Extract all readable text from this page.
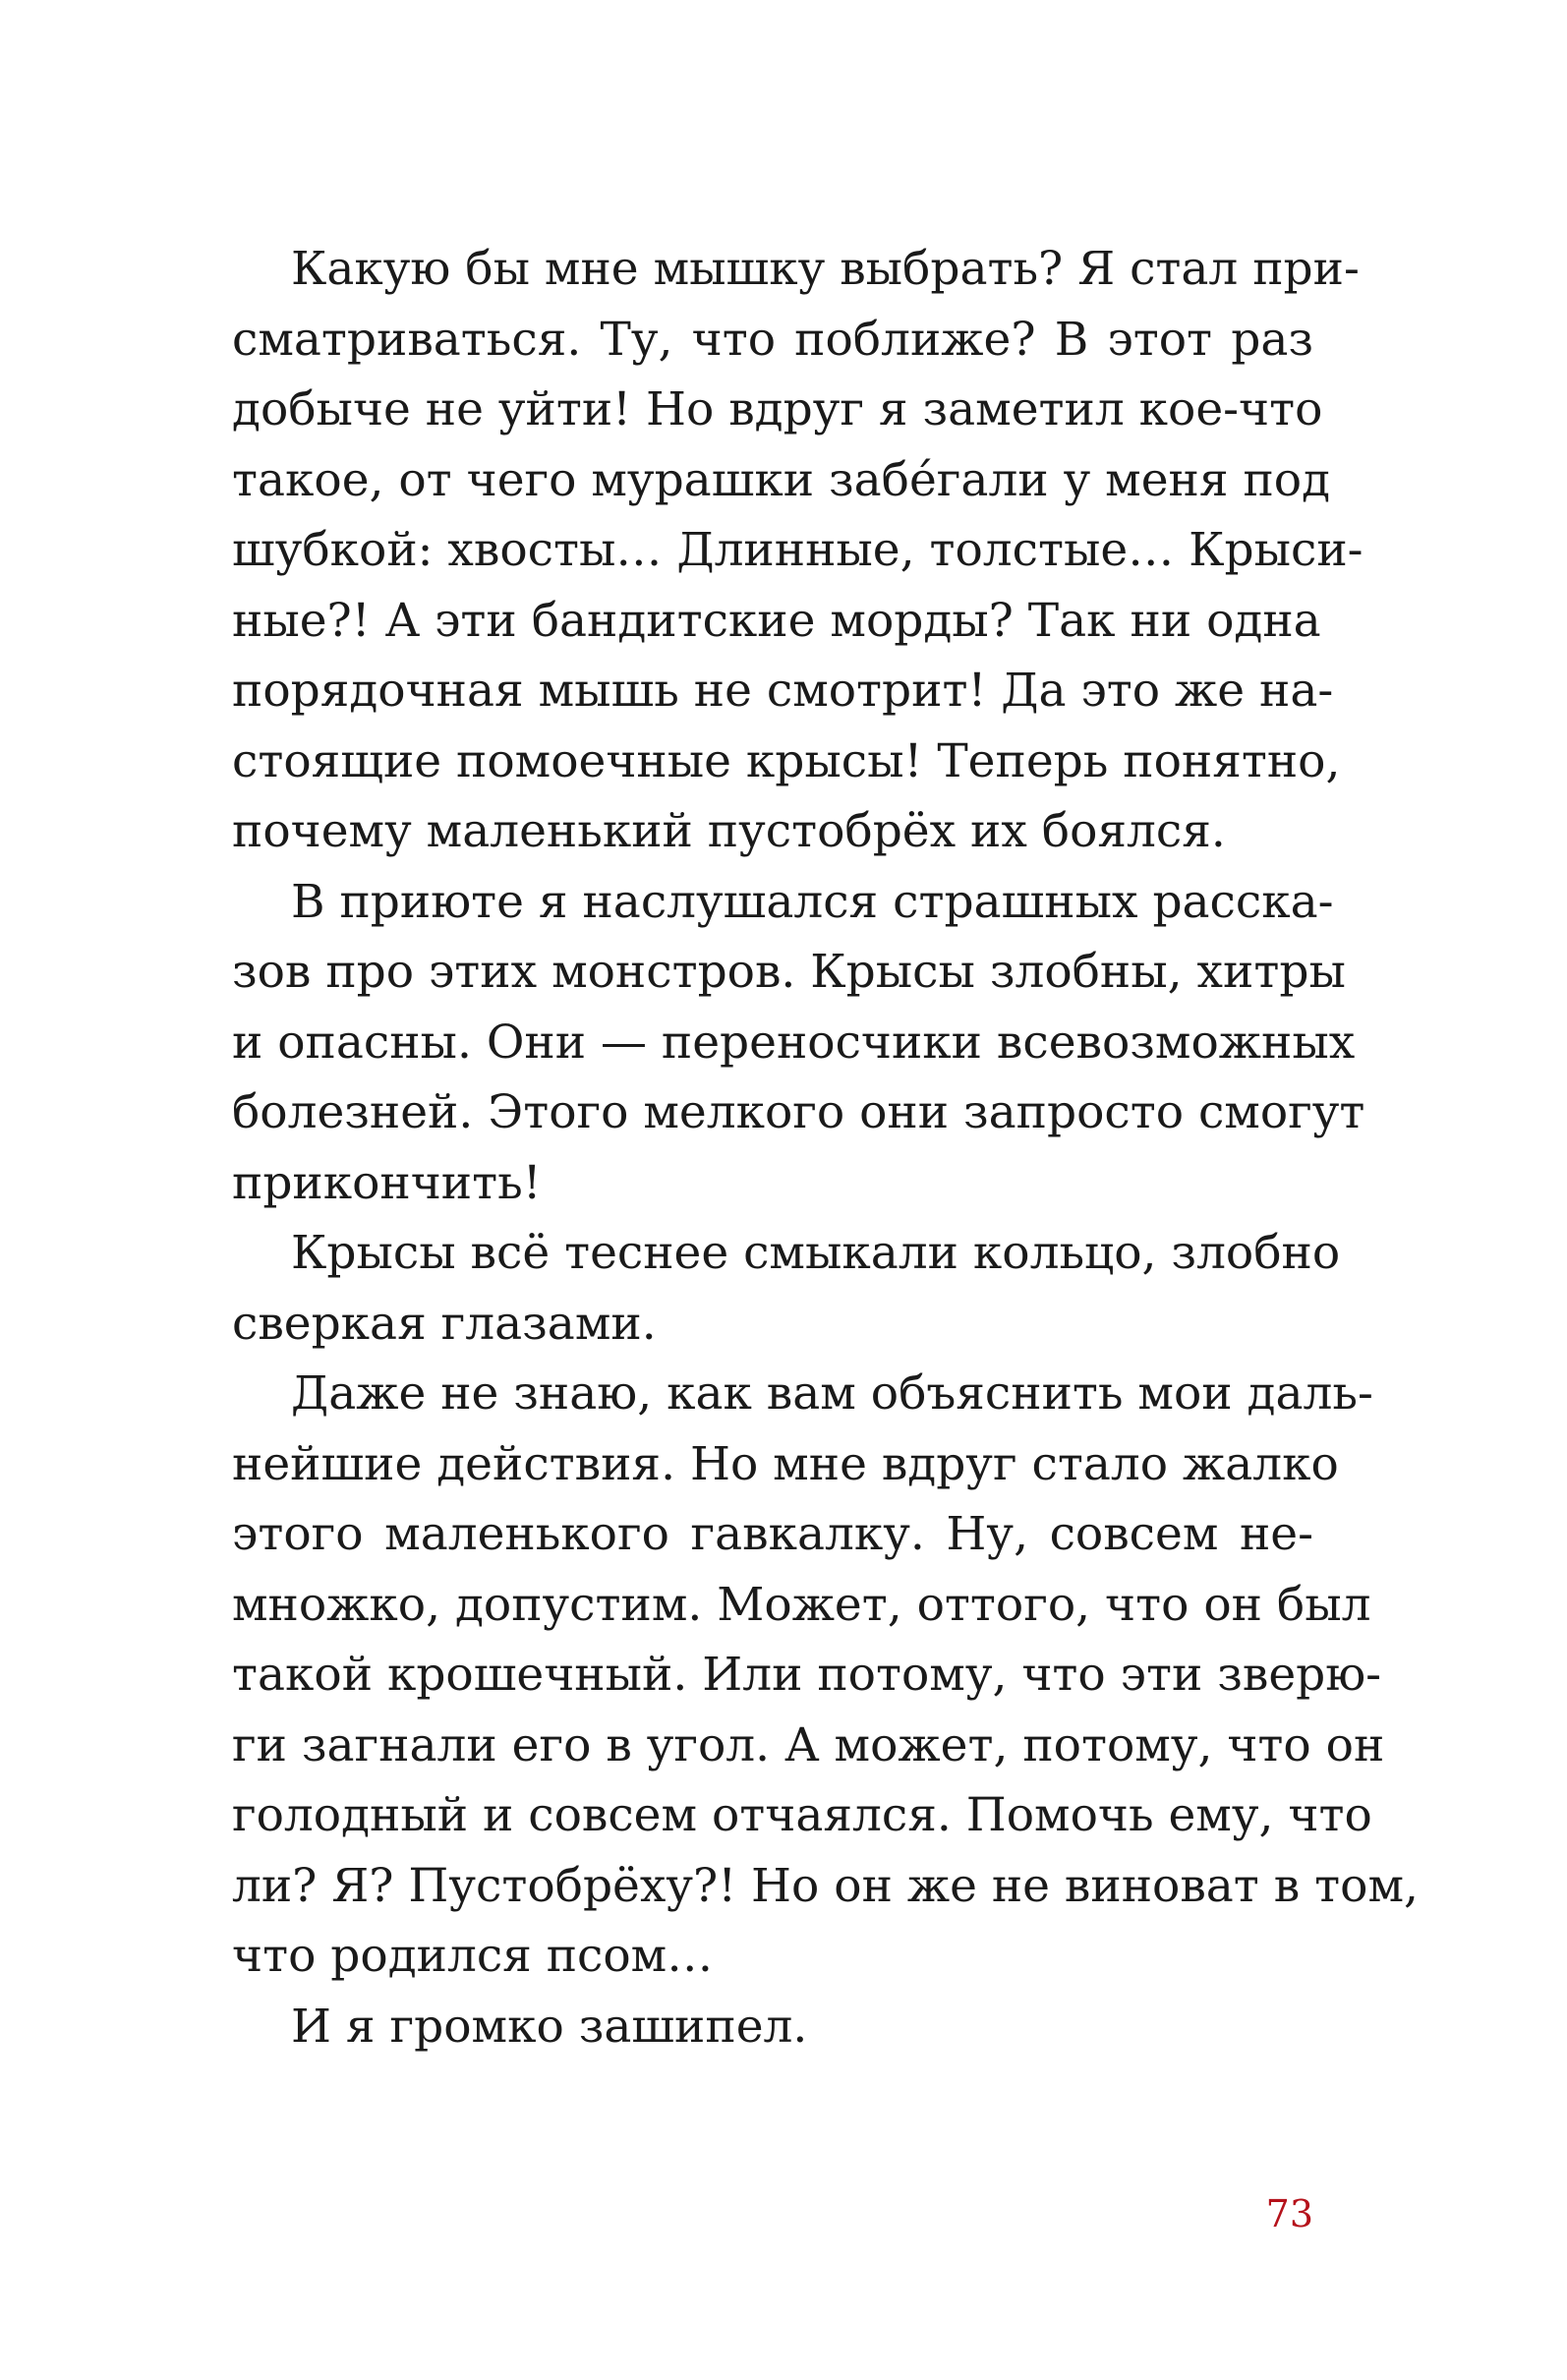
Какую бы мне мышку выбрать? Я стал при-
сматриваться. Ту, что поближе? В этот раз
добыче не уйти! Но вдруг я заметил кое-что
такое, от чего мурашки забе́гали у меня под
шубкой: хвосты… Длинные, толстые… Крыси-
ные?! А эти бандитские морды? Так ни одна
порядочная мышь не смотрит! Да это же на-
стоящие помоечные крысы! Теперь понятно,
почему маленький пустобрёх их боялся.
В приюте я наслушался страшных расска-
зов про этих монстров. Крысы злобны, хитры
и опасны. Они — переносчики всевозможных
болезней. Этого мелкого они запросто смогут
прикончить!
Крысы всё теснее смыкали кольцо, злобно
сверкая глазами.
Даже не знаю, как вам объяснить мои даль-
нейшие действия. Но мне вдруг стало жалко
этого маленького гавкалку. Ну, совсем не-
множко, допустим. Может, оттого, что он был
такой крошечный. Или потому, что эти зверю-
ги загнали его в угол. А может, потому, что он
голодный и совсем отчаялся. Помочь ему, что
ли? Я? Пустобрёху?! Но он же не виноват в том,
что родился псом…
И я громко зашипел.
73
